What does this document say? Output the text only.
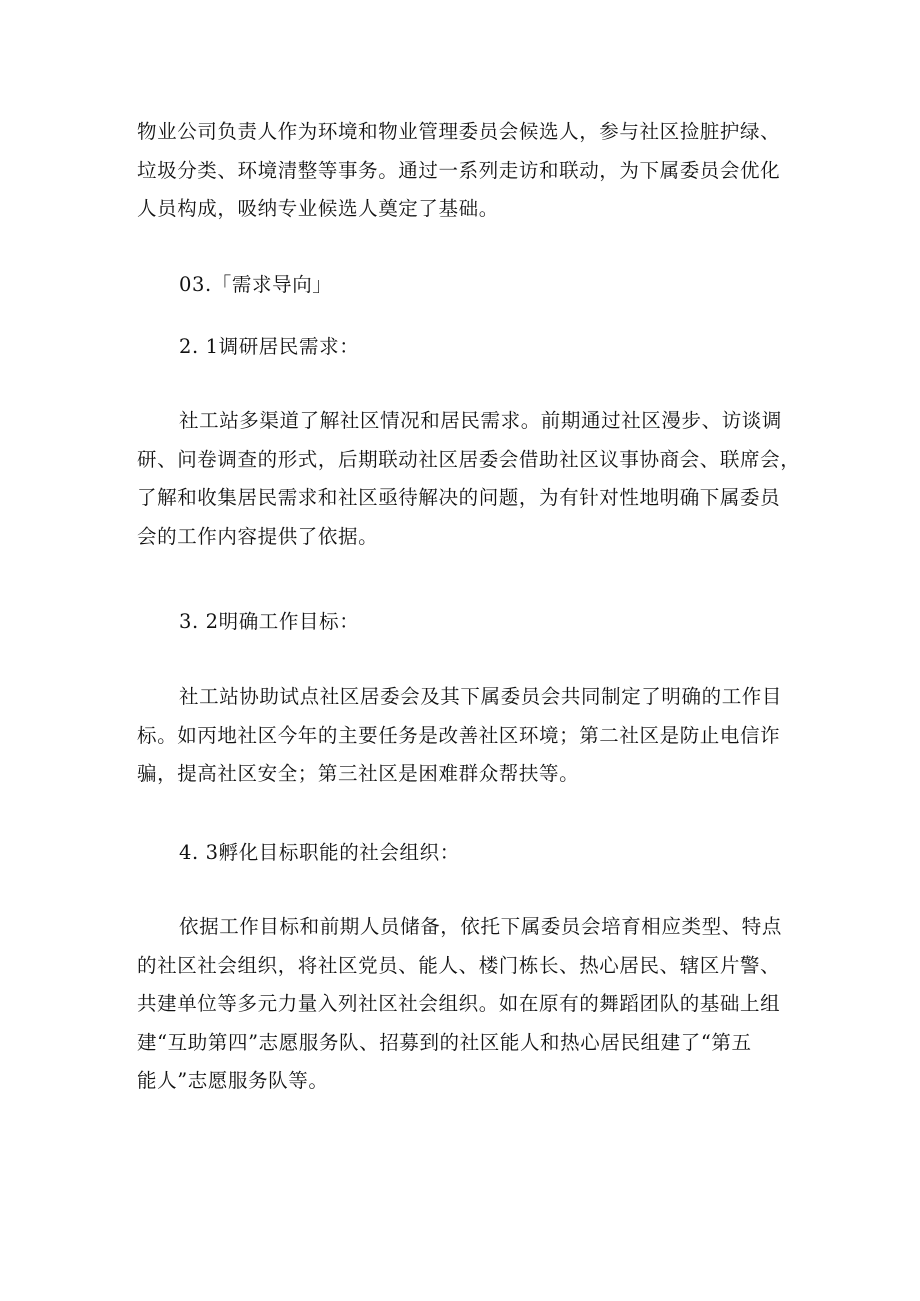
物业公司负责人作为环境和物业管理委员会候选人，参与社区捡脏护绿、
垃圾分类、环境清整等事务。通过一系列走访和联动，为下属委员会优化
人员构成，吸纳专业候选人奠定了基础。
03.「需求导向」
2. 1调研居民需求：
社工站多渠道了解社区情况和居民需求。前期通过社区漫步、访谈调
研、问卷调查的形式，后期联动社区居委会借助社区议事协商会、联席会，
了解和收集居民需求和社区亟待解决的问题，为有针对性地明确下属委员
会的工作内容提供了依据。
3. 2明确工作目标：
社工站协助试点社区居委会及其下属委员会共同制定了明确的工作目
标。如丙地社区今年的主要任务是改善社区环境；第二社区是防止电信诈
骗，提高社区安全；第三社区是困难群众帮扶等。
4. 3孵化目标职能的社会组织：
依据工作目标和前期人员储备，依托下属委员会培育相应类型、特点
的社区社会组织，将社区党员、能人、楼门栋长、热心居民、辖区片警、
共建单位等多元力量入列社区社会组织。如在原有的舞蹈团队的基础上组
建“互助第四”志愿服务队、招募到的社区能人和热心居民组建了“第五
能人”志愿服务队等。
